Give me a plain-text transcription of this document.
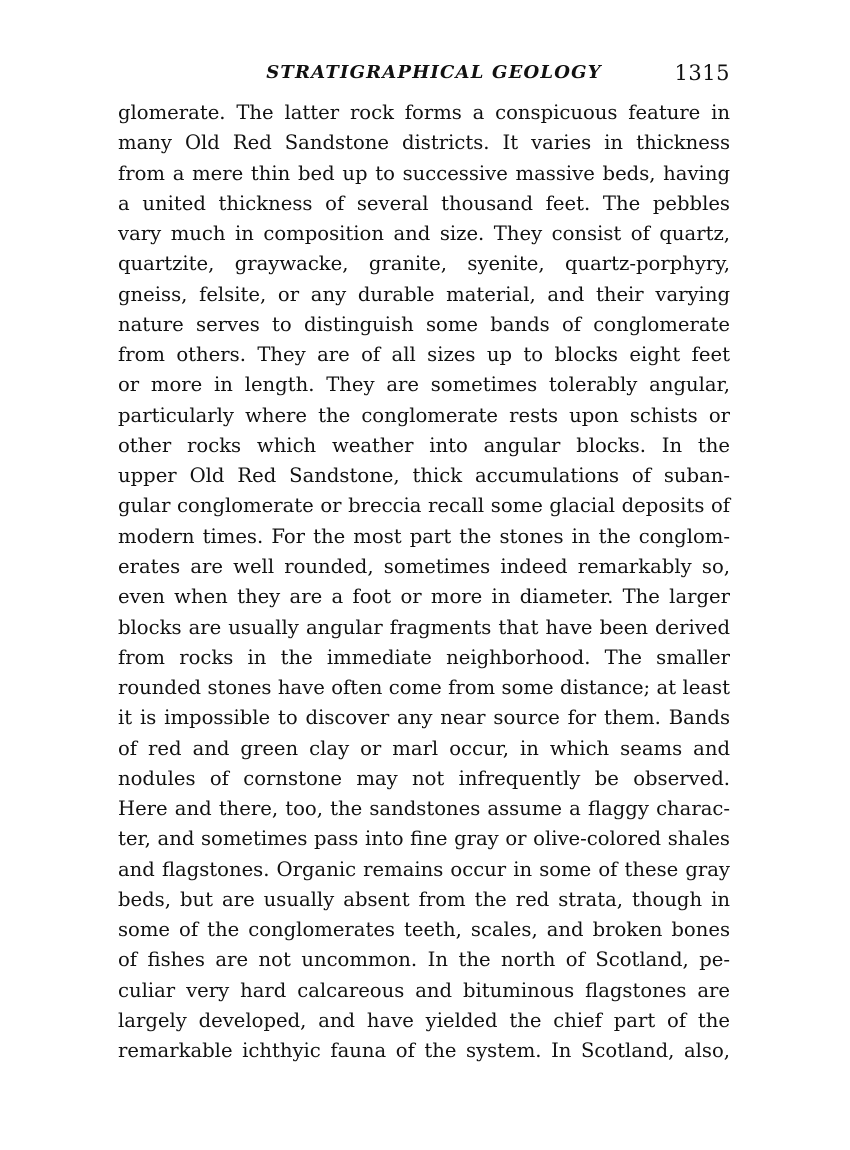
STRATIGRAPHICAL GEOLOGY	1315
glomerate. The latter rock forms a conspicuous feature in
many Old Red Sandstone districts. It varies in thickness
from a mere thin bed up to successive massive beds, having
a united thickness of several thousand feet. The pebbles
vary much in composition and size. They consist of quartz,
quartzite, graywacke, granite, syenite, quartz-porphyry,
gneiss, felsite, or any durable material, and their varying
nature serves to distinguish some bands of conglomerate
from others. They are of all sizes up to blocks eight feet
or more in length. They are sometimes tolerably angular,
particularly where the conglomerate rests upon schists or
other rocks which weather into angular blocks. In the
upper Old Red Sandstone, thick accumulations of suban-
gular conglomerate or breccia recall some glacial deposits of
modern times. For the most part the stones in the conglom-
erates are well rounded, sometimes indeed remarkably so,
even when they are a foot or more in diameter. The larger
blocks are usually angular fragments that have been derived
from rocks in the immediate neighborhood. The smaller
rounded stones have often come from some distance; at least
it is impossible to discover any near source for them. Bands
of red and green clay or marl occur, in which seams and
nodules of cornstone may not infrequently be observed.
Here and there, too, the sandstones assume a flaggy charac-
ter, and sometimes pass into fine gray or olive-colored shales
and flagstones. Organic remains occur in some of these gray
beds, but are usually absent from the red strata, though in
some of the conglomerates teeth, scales, and broken bones
of fishes are not uncommon. In the north of Scotland, pe-
culiar very hard calcareous and bituminous flagstones are
largely developed, and have yielded the chief part of the
remarkable ichthyic fauna of the system. In Scotland, also,
